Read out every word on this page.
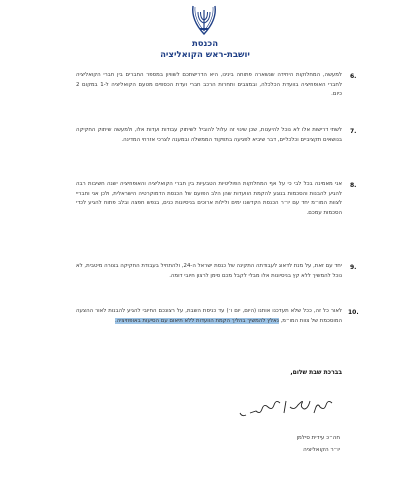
הכנסת
יושבת-ראש הקואליציה
6.
למעשה, המחלוקות היחידה שנשארה פתוחה בינינו, היא הדרישתכם לשוויון במספר החברים בין חברי הקואליציה לחברי האופוזיציה בוועדת הכלכלה, ובמצבים ותחרות הרכב חברי ועדת הכספים מטעם הקואליציה ל-1 במקום 2 כיום.
7.
לשתי דרישות אלו לא נוכל להיענות, שכן שינוי זה עלול להוביל לשיתוק עבודות ועדות אלו, ולמעשה שיתוק החקיקה בנושאים תקציביים וכלכליים, דבר שיביא לפגיעה בתפקוד הממשלה ובמענה לצרכי אזרחי המדינה.
8.
אני מאמינה בכל לבי כי על אף המחלוקות הפוליטיות הטבעיות בין חברי הקואליציה והאופוזיציה ישנה חשיבות רבה להגיע להבנות והסכמות בנוגע להקמת הוועדות שהן הלב הפועם של הכנסת הדמוקרטיה הישראלית, ולכן אני וחבריי לצוות המו״מ יחד עם יו״ר הכנסת הקדשנו ימים ולילות ארוכים בניסיונות כנים, בנפש חפצה ובלב פתוח להגיע לכדי הסכמות עמכם.
9.
יחד עם זאת, על מנת לדאוג לעבודתה התקינה של כנסת ישראל ה-24, ולהתחיל בעבודת החקיקה בצורה מיטבית, לא נוכל להמשיך ללא קץ בניסיונות אלו מבלי לקבל מכם סימן לרצון חיובי דומה.
10.
לאור כל זה, ככל שלא תעדכנו אותנו (היום, יום ו׳) עד כניסת השבת, על רצונכם החיובי להגיע להבנות לאור ההצעה המוסכמת של צוות המו״מ, נאלץ להמשיך בהליך הקמת הוועדות ללא תיאום עם הסיעות באופוזיציה.
בברכת שבת שלום,
חה״כ עידית סילמן
יו״ר הקואליציה
